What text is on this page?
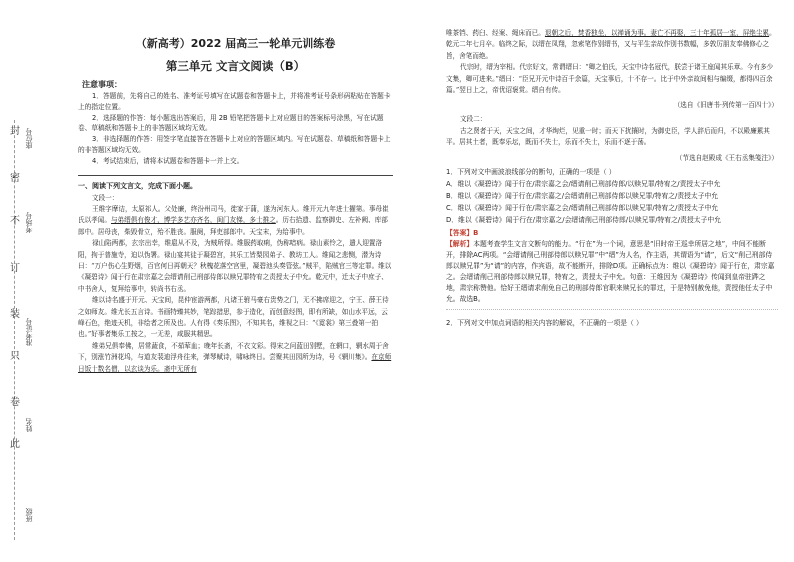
封
密
不
订
装
只
卷
此
座位号
考场号
准考证号
姓名
班级
（新高考）2022 届高三一轮单元训练卷
第三单元 文言文阅读（B）
注意事项：

1．答题前，先将自己的姓名、准考证号填写在试题卷和答题卡上，并将准考证号条形码粘贴在答题卡上的指定位置。

2．选择题的作答：每小题选出答案后，用 2B 铅笔把答题卡上对应题目的答案标号涂黑，写在试题卷、草稿纸和答题卡上的非答题区域均无效。

3．非选择题的作答：用签字笔直接答在答题卡上对应的答题区域内。写在试题卷、草稿纸和答题卡上的非答题区域均无效。

4．考试结束后，请将本试题卷和答题卡一并上交。

一、阅读下列文言文，完成下面小题。

文段一：

王维字摩诘，太原祁人。父处廉，终汾州司马，徙家于蒲，遂为河东人。维开元九年进士擢第。事母崔氏以孝闻。与弟缙俱有俊才，博学多艺亦齐名，闺门友悌，多士推之。历右拾遗、监察御史、左补阙、库部郎中。居母丧，柴毁骨立，殆不胜丧。服阕，拜吏部郎中。天宝末，为给事中。

禄山陷两都，玄宗出幸，维扈从不及，为贼所得。维服药取痢，伪称喑病。禄山素怜之，遣人迎置洛阳，拘于普施寺，迫以伪署。禄山宴其徒于凝碧宫，其乐工皆梨园弟子、教坊工人。维闻之悲恻，潜为诗曰：“万户伤心生野烟，百官何日再朝天？秋槐花落空宫里，凝碧池头奏管弦。”贼平，陷贼官三等定罪。维以《凝碧诗》闻于行在肃宗嘉之会缙请削己刑部侍郎以赎兄罪特宥之责授太子中允。乾元中，迁太子中庶子、中书舍人，复拜给事中，转尚书右丞。

维以诗名盛于开元、天宝间，昆仲宦游两都，凡诸王驸马豪右贵势之门，无不拂席迎之，宁王、薛王待之如师友。维尤长五言诗。书画特臻其妙，笔踪措思，参于造化，而创意经图，即有所缺，如山水平远，云峰石色，绝迹天机，非绘者之所及也。人有得《奏乐图》，不知其名，维视之曰：“《霓裳》第三叠第一拍也。”好事者集乐工按之，一无差，咸服其精思。

维弟兄俱奉佛，居常蔬食，不茹荤血；晚年长斋，不衣文彩。得宋之问蓝田别墅，在辋口，辋水周于舍下，别涨竹洲花坞，与道友裴迪浮舟往来，弹琴赋诗，啸咏终日。尝聚其田园所为诗，号《辋川集》。在京师日饭十数名僧，以玄谈为乐。斋中无所有

唯茶铛、药臼、经案、绳床而已。退朝之后，焚香独坐，以禅诵为事。妻亡不再娶，三十年孤居一室，屏绝尘累。乾元二年七月卒。临终之际，以缙在凤翔，忽索笔作别缙书，又与平生亲故作别书数幅，多敦厉朋友奉佛修心之旨，舍笔而绝。

代宗时，缙为宰相。代宗好文，常谓缙曰：“卿之伯氏，天宝中诗名冠代，朕尝于诸王座闻其乐章。今有多少文集，卿可进来。”缙曰：“臣兄开元中诗百千余篇，天宝事后，十不存一。比于中外亲故间相与编缀，都得四百余篇。”翌日上之，帝优诏褒赏。缙自有传。

（选自《旧唐书·列传第一百四十》）

文段二：

古之贤者于天，天宝之间，才华绚烂，见重一时；而天下扰攘时，为御史臣，学人辞后而归，不以殿廉累其平。居其土者，既奉乐坛，既而不失士，乐而不失士，乐而不逐于荡。

（节选自赵殿成《王右丞集笺注》）

1．下列对文中画波浪线部分的断句，正确的一项是（ ）

A．维以《凝碧诗》闻于行在/肃宗嘉之会/缙请削己刑部侍郎/以赎兄罪/特宥之/责授太子中允

B．维以《凝碧诗》闻于行在/肃宗嘉之/会缙请削己刑部侍郎以赎兄罪/特宥之/责授太子中允

C．维以《凝碧诗》闻于行在/肃宗嘉之会/缙请削己刑部侍郎以赎兄罪/特宥之/责授太子中允

D．维以《凝碧诗》闻于行在/肃宗嘉之/会缙请削己刑部侍郎/以赎兄罪/特宥之/责授太子中允

【答案】B

【解析】本题考查学生文言文断句的能力。“行在”为一个词，意思是“旧时帝王巡幸所居之地”，中间不能断开，排除AC两项。“会缙请削己刑部侍郎以赎兄罪”中“缙”为人名，作主语，其谓语为“请”，后文“削己刑部侍郎以赎兄罪”为“请”的内容，作宾语，故不能断开，排除D项。正确标点为：维以《凝碧诗》闻于行在，肃宗嘉之。会缙请削己刑部侍郎以赎兄罪，特宥之，责授太子中允。句意：王维因为《凝碧诗》传闻到皇帝驻跸之地，肃宗称赞他。恰好王缙请求削免自己的刑部侍郎官职来赎兄长的罪过，于是特别赦免他，责授他任太子中允。故选B。

2．下列对文中加点词语的相关内容的解说，不正确的一项是（ ）
